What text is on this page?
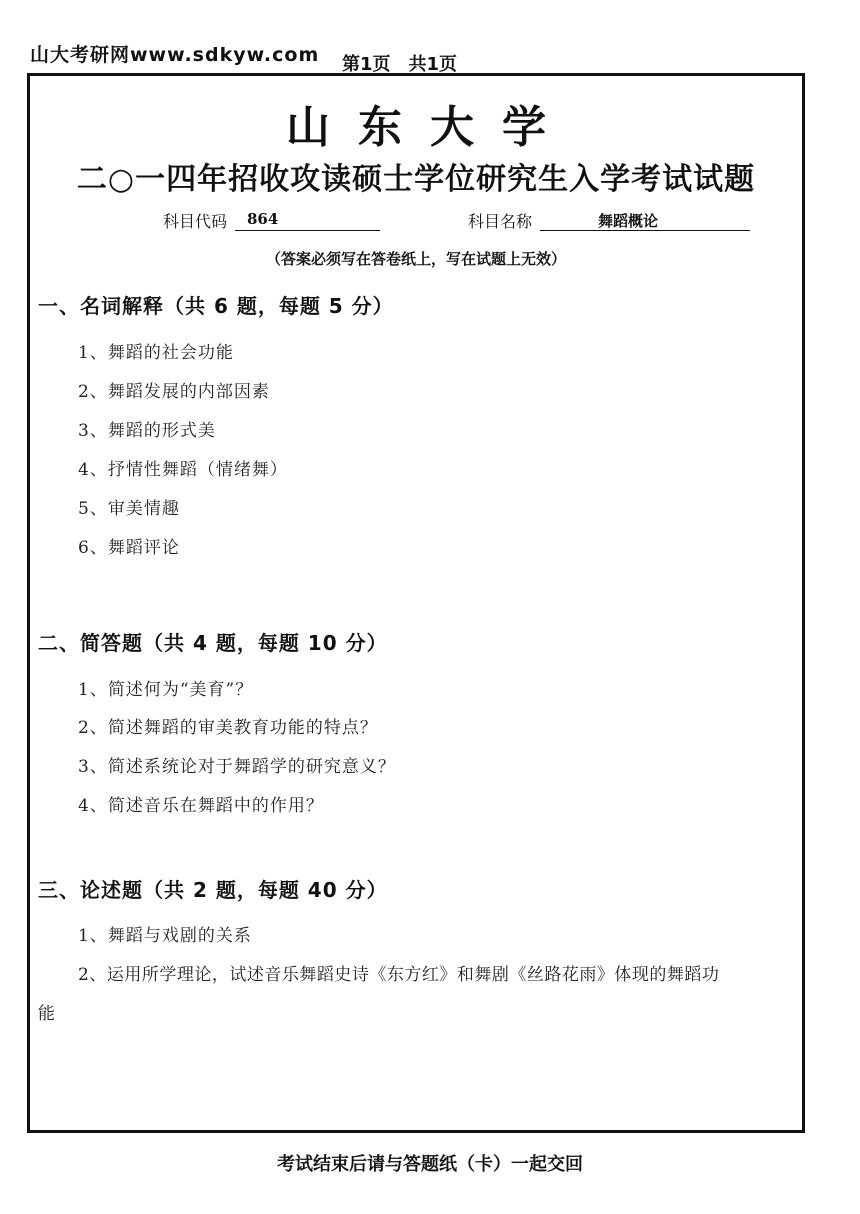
山大考研网www.sdkyw.com 第1页　共1页
山东大学
二○一四年招收攻读硕士学位研究生入学考试试题
科目代码	864	科目名称	舞蹈概论
（答案必须写在答卷纸上，写在试题上无效）
一、名词解释（共 6 题，每题 5 分）
1、舞蹈的社会功能
2、舞蹈发展的内部因素
3、舞蹈的形式美
4、抒情性舞蹈（情绪舞）
5、审美情趣
6、舞蹈评论
二、简答题（共 4 题，每题 10 分）
1、简述何为“美育”？
2、简述舞蹈的审美教育功能的特点？
3、简述系统论对于舞蹈学的研究意义？
4、简述音乐在舞蹈中的作用？
三、论述题（共 2 题，每题 40 分）
1、舞蹈与戏剧的关系
2、运用所学理论，试述音乐舞蹈史诗《东方红》和舞剧《丝路花雨》体现的舞蹈功
能
考试结束后请与答题纸（卡）一起交回
